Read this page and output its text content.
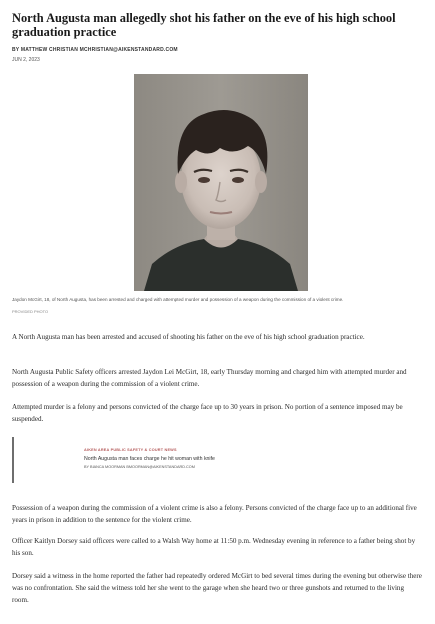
North Augusta man allegedly shot his father on the eve of his high school graduation practice
BY MATTHEW CHRISTIAN MCHRISTIAN@AIKENSTANDARD.COM
JUN 2, 2023
Jaydon McGirt, 18, of North Augusta, has been arrested and charged with attempted murder and possession of a weapon during the commission of a violent crime.
PROVIDED PHOTO

A North Augusta man has been arrested and accused of shooting his father on the eve of his high school graduation practice.

North Augusta Public Safety officers arrested Jaydon Lei McGirt, 18, early Thursday morning and charged him with attempted murder and possession of a weapon during the commission of a violent crime.

Attempted murder is a felony and persons convicted of the charge face up to 30 years in prison. No portion of a sentence imposed may be suspended.

AIKEN AREA PUBLIC SAFETY & COURT NEWS
North Augusta man faces charge he hit woman with knife
BY BIANCA MOORMAN BMOORMAN@AIKENSTANDARD.COM

Possession of a weapon during the commission of a violent crime is also a felony. Persons convicted of the charge face up to an additional five years in prison in addition to the sentence for the violent crime.

Officer Kaitlyn Dorsey said officers were called to a Walsh Way home at 11:50 p.m. Wednesday evening in reference to a father being shot by his son.

Dorsey said a witness in the home reported the father had repeatedly ordered McGirt to bed several times during the evening but otherwise there was no confrontation. She said the witness told her she went to the garage when she heard two or three gunshots and returned to the living room.
